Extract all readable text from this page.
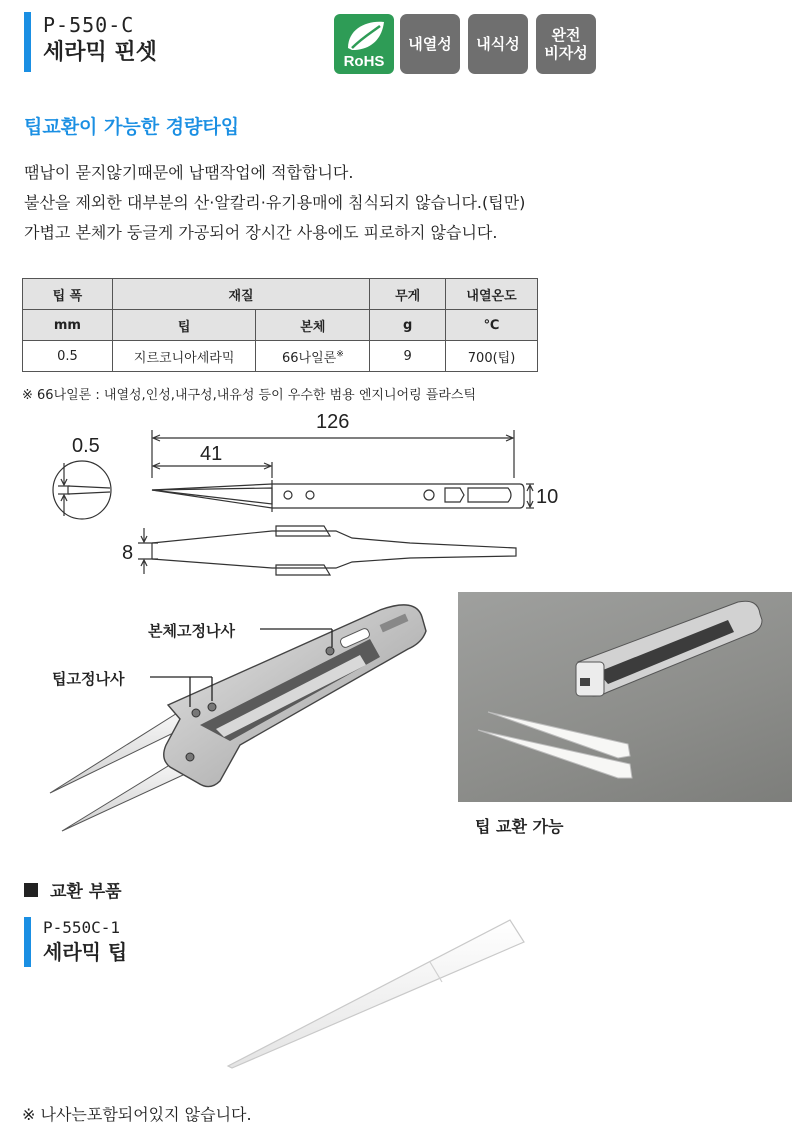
P-550-C
세라믹 핀셋	RoHS
내열성	내식성	완전
비자성
팁교환이 가능한 경량타입
땜납이 묻지않기때문에 납땜작업에 적합합니다.
불산을 제외한 대부분의 산·알칼리·유기용매에 침식되지 않습니다.(팁만)
가볍고 본체가 둥글게 가공되어 장시간 사용에도 피로하지 않습니다.
팁 폭	재질		무게	내열온도
mm	팁	본체	g	℃
0.5	지르코니아세라믹	66나일론※	9	700(팁)
※ 66나일론 : 내열성,인성,내구성,내유성 등이 우수한 범용 엔지니어링 플라스틱
0.5
126
41
10
8
본체고정나사
팁고정나사
팁 교환 가능
교환 부품
P-550C-1
세라믹 팁
※ 나사는포함되어있지 않습니다.
